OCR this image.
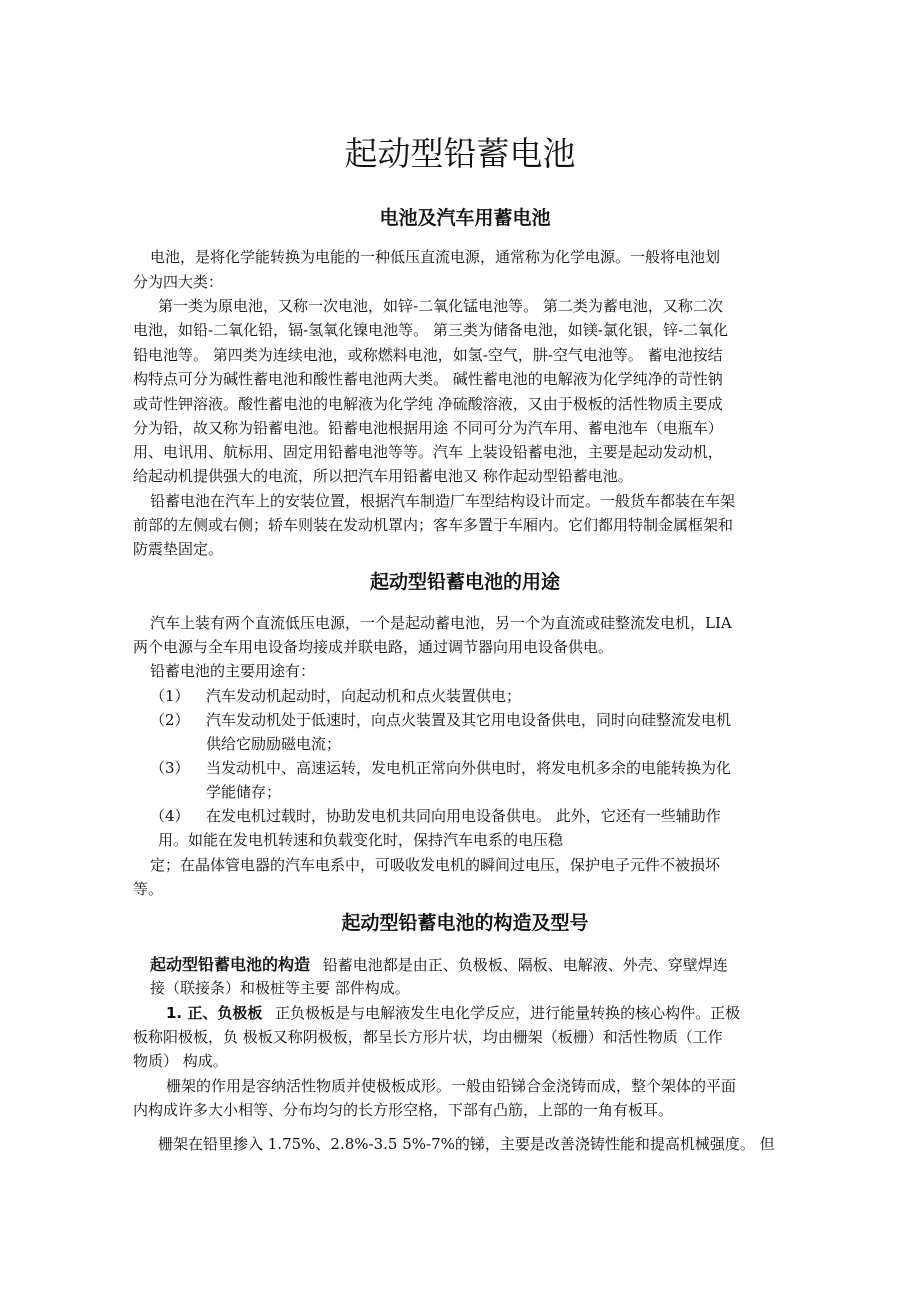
起动型铅蓄电池
电池及汽车用蓄电池
电池，是将化学能转换为电能的一种低压直流电源，通常称为化学电源。一般将电池划
分为四大类：
第一类为原电池，又称一次电池，如锌-二氧化锰电池等。 第二类为蓄电池，又称二次
电池，如铅-二氧化铅，镉-氢氧化镍电池等。 第三类为储备电池，如镁-氯化银，锌-二氧化
铅电池等。 第四类为连续电池，或称燃料电池，如氢-空气，肼-空气电池等。 蓄电池按结
构特点可分为碱性蓄电池和酸性蓄电池两大类。 碱性蓄电池的电解液为化学纯净的苛性钠
或苛性钾溶液。酸性蓄电池的电解液为化学纯 净硫酸溶液，又由于极板的活性物质主要成
分为铅，故又称为铅蓄电池。铅蓄电池根据用途 不同可分为汽车用、蓄电池车（电瓶车）
用、电讯用、航标用、固定用铅蓄电池等等。汽车 上装设铅蓄电池，主要是起动发动机，
给起动机提供强大的电流，所以把汽车用铅蓄电池又 称作起动型铅蓄电池。
铅蓄电池在汽车上的安装位置，根据汽车制造厂车型结构设计而定。一般货车都装在车架
前部的左侧或右侧；轿车则装在发动机罩内；客车多置于车厢内。它们都用特制金属框架和
防震垫固定。
起动型铅蓄电池的用途
汽车上装有两个直流低压电源，一个是起动蓄电池，另一个为直流或硅整流发电机，LIA
两个电源与全车用电设备均接成并联电路，通过调节器向用电设备供电。
铅蓄电池的主要用途有：
（1） 汽车发动机起动时，向起动机和点火装置供电；
（2） 汽车发动机处于低速时，向点火装置及其它用电设备供电，同时向硅整流发电机
供给它励励磁电流；
（3） 当发动机中、高速运转，发电机正常向外供电时，将发电机多余的电能转换为化
学能储存；
（4） 在发电机过载时，协助发电机共同向用电设备供电。 此外，它还有一些辅助作
用。如能在发电机转速和负载变化时，保持汽车电系的电压稳
定；在晶体管电器的汽车电系中，可吸收发电机的瞬间过电压，保护电子元件不被损坏
等。
起动型铅蓄电池的构造及型号
起动型铅蓄电池的构造 铅蓄电池都是由正、负极板、隔板、电解液、外壳、穿壁焊连
接（联接条）和极桩等主要 部件构成。
1. 正、负极板 正负极板是与电解液发生电化学反应，进行能量转换的核心构件。正极
板称阳极板，负 极板又称阴极板，都呈长方形片状，均由栅架（板栅）和活性物质（工作
物质） 构成。
栅架的作用是容纳活性物质并使极板成形。一般由铅锑合金浇铸而成，整个架体的平面
内构成许多大小相等、分布均匀的长方形空格，下部有凸筋，上部的一角有板耳。
栅架在铅里掺入 1.75%、2.8%-3.5 5%-7%的锑，主要是改善浇铸性能和提高机械强度。 但
